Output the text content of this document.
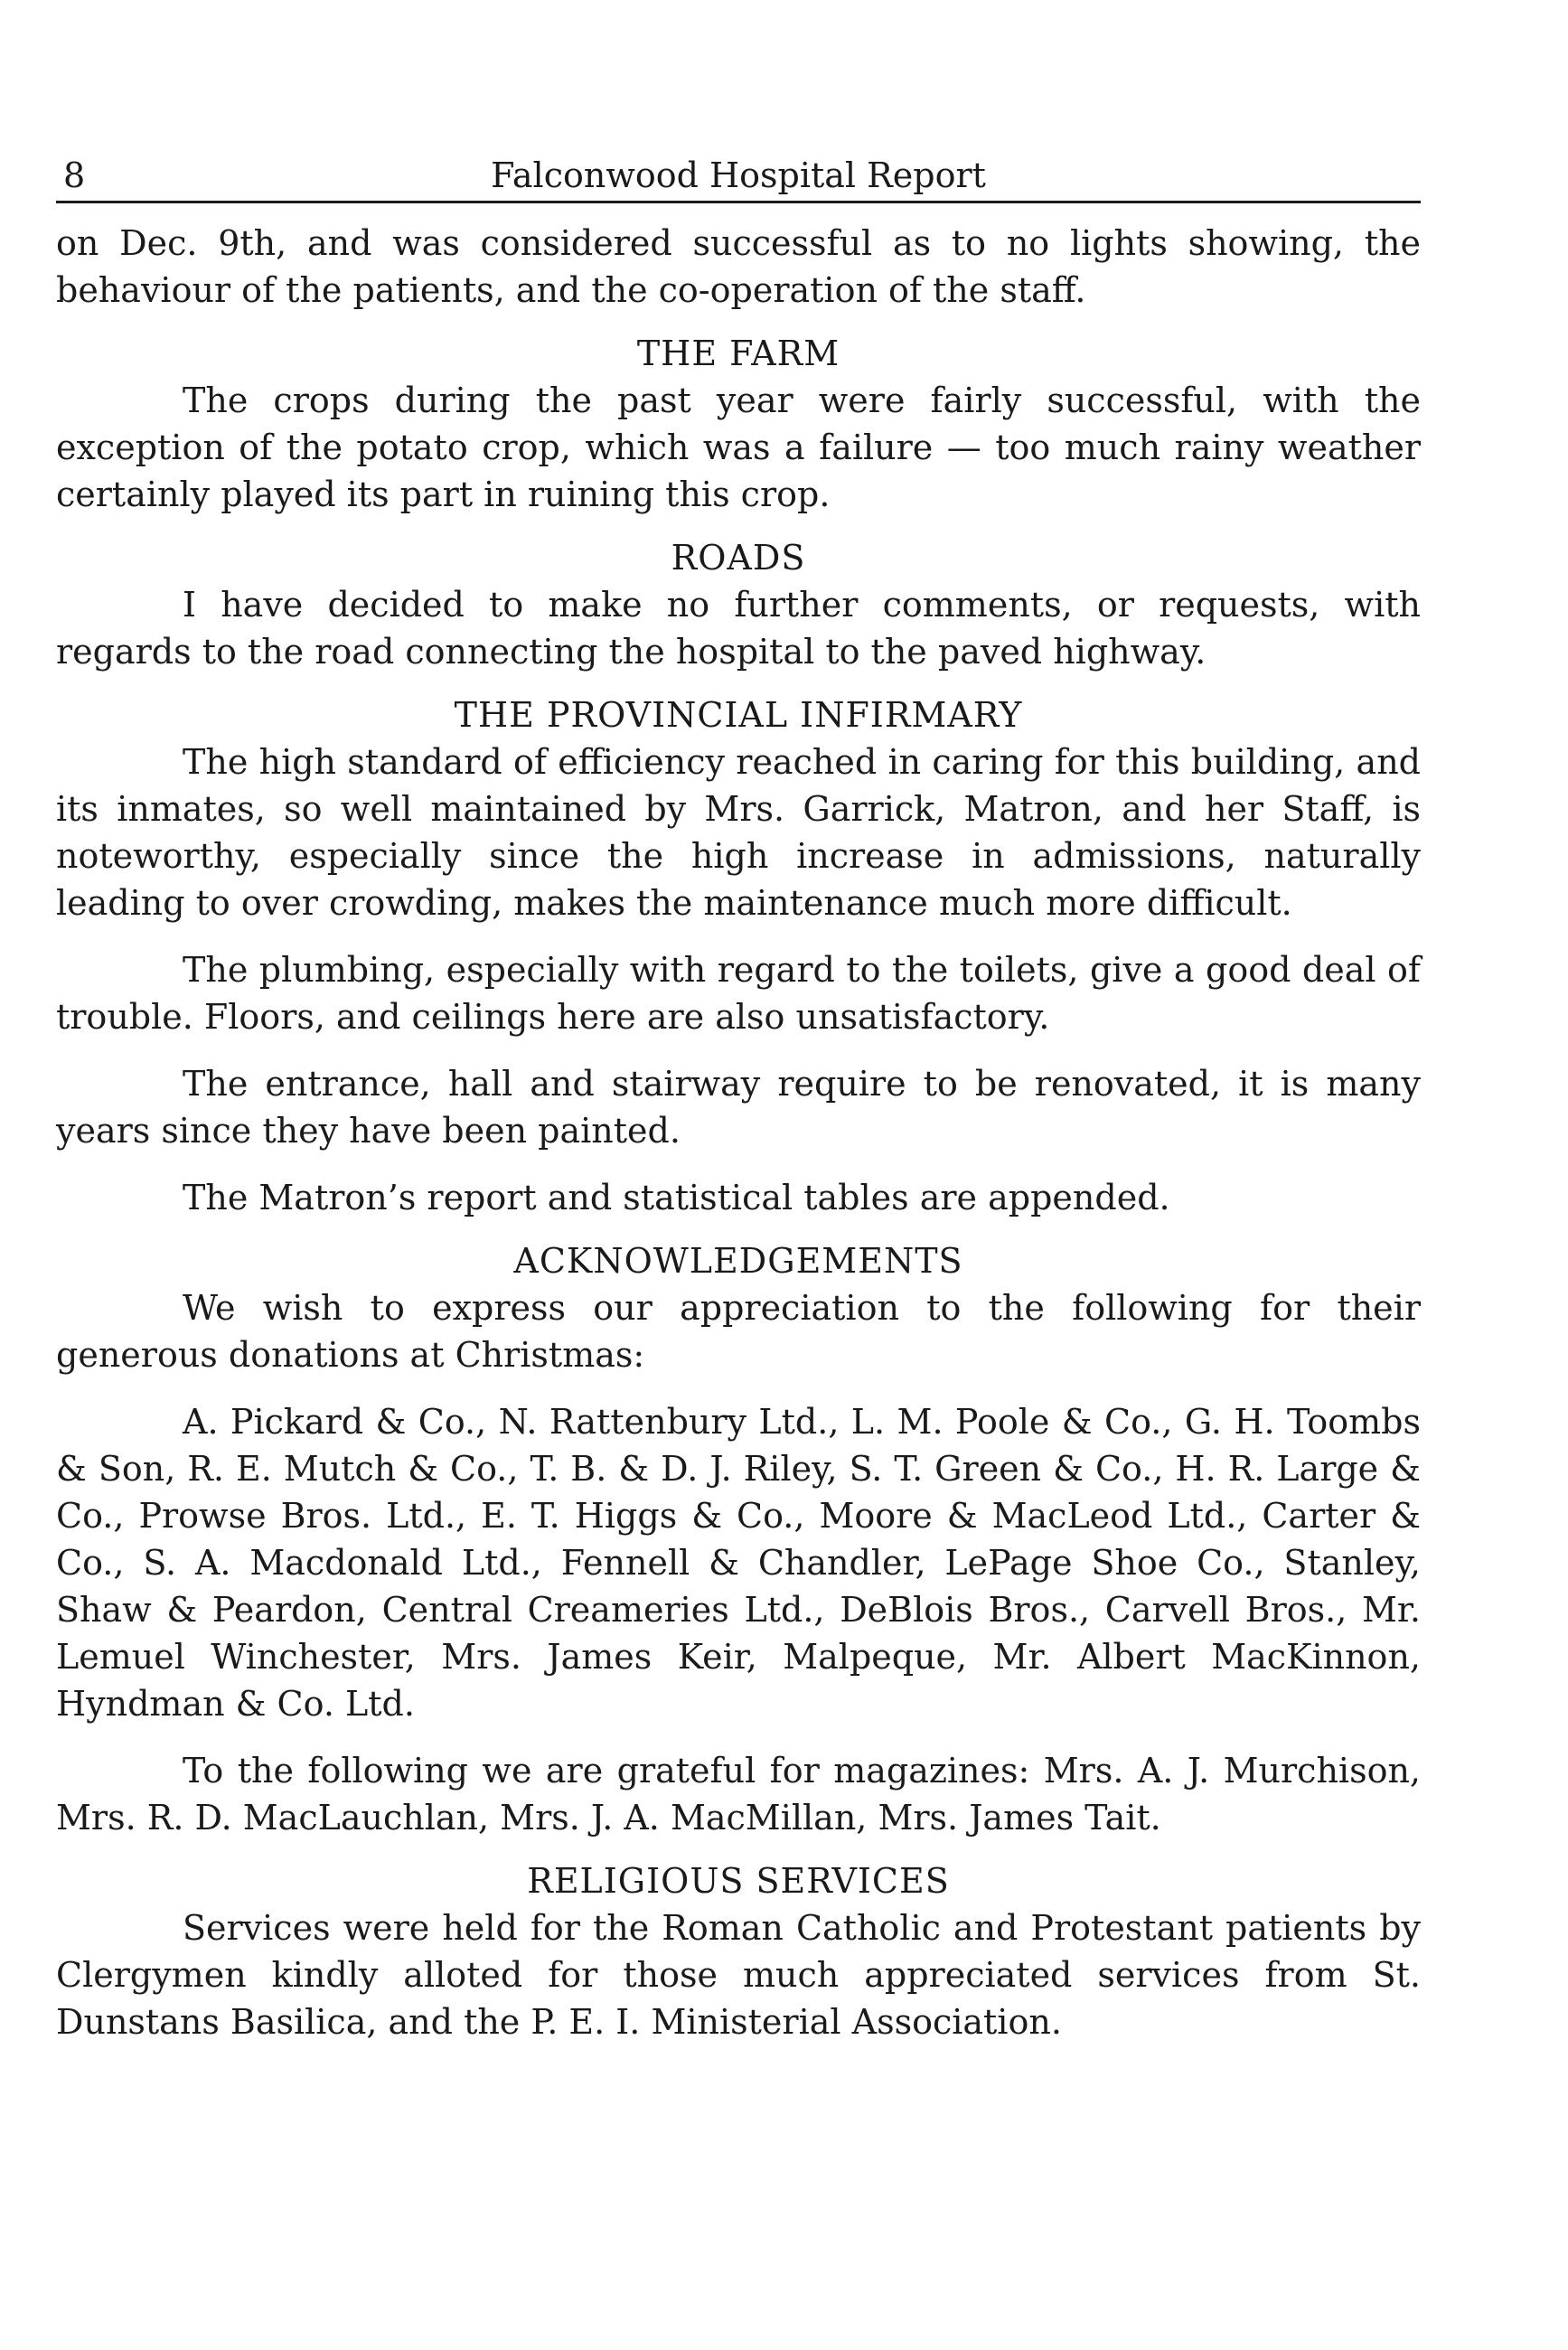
8	Falconwood Hospital Report

on Dec. 9th, and was considered successful as to no lights showing, the behaviour of the patients, and the co-operation of the staff.

THE FARM

The crops during the past year were fairly successful, with the exception of the potato crop, which was a failure — too much rainy weather certainly played its part in ruining this crop.

ROADS

I have decided to make no further comments, or requests, with regards to the road connecting the hospital to the paved highway.

THE PROVINCIAL INFIRMARY

The high standard of efficiency reached in caring for this building, and its inmates, so well maintained by Mrs. Garrick, Matron, and her Staff, is noteworthy, especially since the high increase in admissions, naturally leading to over crowding, makes the maintenance much more difficult.

The plumbing, especially with regard to the toilets, give a good deal of trouble. Floors, and ceilings here are also unsatisfactory.

The entrance, hall and stairway require to be renovated, it is many years since they have been painted.

The Matron’s report and statistical tables are appended.

ACKNOWLEDGEMENTS

We wish to express our appreciation to the following for their generous donations at Christmas:

A. Pickard & Co., N. Rattenbury Ltd., L. M. Poole & Co., G. H. Toombs & Son, R. E. Mutch & Co., T. B. & D. J. Riley, S. T. Green & Co., H. R. Large & Co., Prowse Bros. Ltd., E. T. Higgs & Co., Moore & MacLeod Ltd., Carter & Co., S. A. Macdonald Ltd., Fennell & Chandler, LePage Shoe Co., Stanley, Shaw & Peardon, Central Creameries Ltd., DeBlois Bros., Carvell Bros., Mr. Lemuel Winchester, Mrs. James Keir, Malpeque, Mr. Albert MacKinnon, Hyndman & Co. Ltd.

To the following we are grateful for magazines: Mrs. A. J. Murchison, Mrs. R. D. MacLauchlan, Mrs. J. A. MacMillan, Mrs. James Tait.

RELIGIOUS SERVICES

Services were held for the Roman Catholic and Protestant patients by Clergymen kindly alloted for those much appreciated services from St. Dunstans Basilica, and the P. E. I. Ministerial Association.
